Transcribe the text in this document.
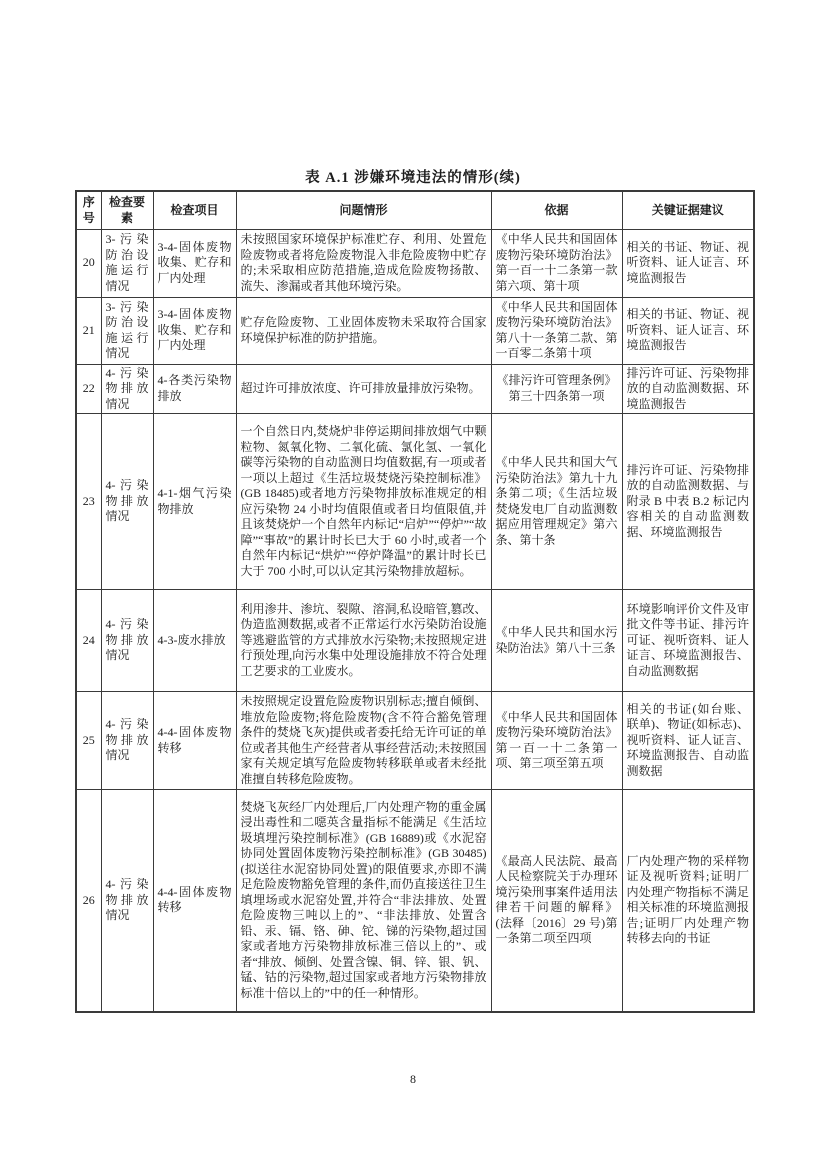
表 A.1 涉嫌环境违法的情形(续)
序号	检查要素	检查项目	问题情形	依据	关键证据建议
20	3-污染防治设施运行情况	3-4-固体废物收集、贮存和厂内处理	未按照国家环境保护标准贮存、利用、处置危险废物或者将危险废物混入非危险废物中贮存的;未采取相应防范措施,造成危险废物扬散、流失、渗漏或者其他环境污染。	《中华人民共和国固体废物污染环境防治法》第一百一十二条第一款第六项、第十项	相关的书证、物证、视听资料、证人证言、环境监测报告
21	3-污染防治设施运行情况	3-4-固体废物收集、贮存和厂内处理	贮存危险废物、工业固体废物未采取符合国家环境保护标准的防护措施。	《中华人民共和国固体废物污染环境防治法》第八十一条第二款、第一百零二条第十项	相关的书证、物证、视听资料、证人证言、环境监测报告
22	4-污染物排放情况	4-各类污染物排放	超过许可排放浓度、许可排放量排放污染物。	《排污许可管理条例》第三十四条第一项	排污许可证、污染物排放的自动监测数据、环境监测报告
23	4-污染物排放情况	4-1-烟气污染物排放	一个自然日内,焚烧炉非停运期间排放烟气中颗粒物、氮氧化物、二氧化硫、氯化氢、一氧化碳等污染物的自动监测日均值数据,有一项或者一项以上超过《生活垃圾焚烧污染控制标准》(GB 18485)或者地方污染物排放标准规定的相应污染物 24 小时均值限值或者日均值限值,并且该焚烧炉一个自然年内标记“启炉”“停炉”“故障”“事故”的累计时长已大于 60 小时,或者一个自然年内标记“烘炉”“停炉降温”的累计时长已大于 700 小时,可以认定其污染物排放超标。	《中华人民共和国大气污染防治法》第九十九条第二项;《生活垃圾焚烧发电厂自动监测数据应用管理规定》第六条、第十条	排污许可证、污染物排放的自动监测数据、与附录 B 中表 B.2 标记内容相关的自动监测数据、环境监测报告
24	4-污染物排放情况	4-3-废水排放	利用渗井、渗坑、裂隙、溶洞,私设暗管,篡改、伪造监测数据,或者不正常运行水污染防治设施等逃避监管的方式排放水污染物;未按照规定进行预处理,向污水集中处理设施排放不符合处理工艺要求的工业废水。	《中华人民共和国水污染防治法》第八十三条	环境影响评价文件及审批文件等书证、排污许可证、视听资料、证人证言、环境监测报告、自动监测数据
25	4-污染物排放情况	4-4-固体废物转移	未按照规定设置危险废物识别标志;擅自倾倒、堆放危险废物;将危险废物(含不符合豁免管理条件的焚烧飞灰)提供或者委托给无许可证的单位或者其他生产经营者从事经营活动;未按照国家有关规定填写危险废物转移联单或者未经批准擅自转移危险废物。	《中华人民共和国固体废物污染环境防治法》第一百一十二条第一项、第三项至第五项	相关的书证(如台账、联单)、物证(如标志)、视听资料、证人证言、环境监测报告、自动监测数据
26	4-污染物排放情况	4-4-固体废物转移	焚烧飞灰经厂内处理后,厂内处理产物的重金属浸出毒性和二噁英含量指标不能满足《生活垃圾填埋污染控制标准》(GB 16889)或《水泥窑协同处置固体废物污染控制标准》(GB 30485)(拟送往水泥窑协同处置)的限值要求,亦即不满足危险废物豁免管理的条件,而仍直接送往卫生填埋场或水泥窑处置,并符合“非法排放、处置危险废物三吨以上的”、“非法排放、处置含铅、汞、镉、铬、砷、铊、锑的污染物,超过国家或者地方污染物排放标准三倍以上的”、或者“排放、倾倒、处置含镍、铜、锌、银、钒、锰、钴的污染物,超过国家或者地方污染物排放标准十倍以上的”中的任一种情形。	《最高人民法院、最高人民检察院关于办理环境污染刑事案件适用法律若干问题的解释》(法释〔2016〕29 号)第一条第二项至四项	厂内处理产物的采样物证及视听资料;证明厂内处理产物指标不满足相关标准的环境监测报告;证明厂内处理产物转移去向的书证
8
